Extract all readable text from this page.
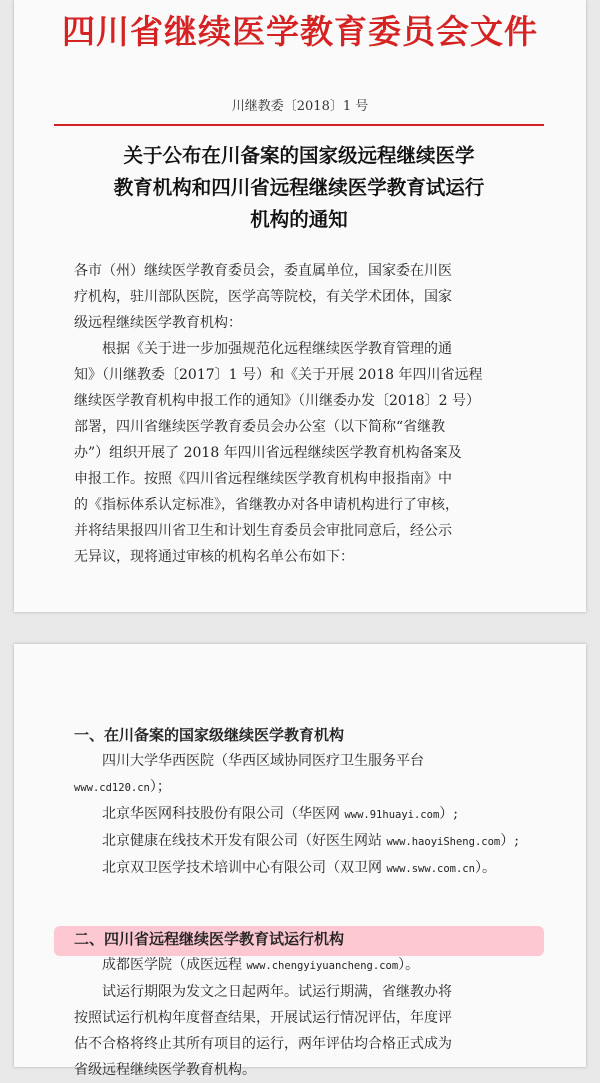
四川省继续医学教育委员会文件
川继教委〔2018〕1 号
关于公布在川备案的国家级远程继续医学
教育机构和四川省远程继续医学教育试运行
机构的通知

各市（州）继续医学教育委员会，委直属单位，国家委在川医

疗机构，驻川部队医院，医学高等院校，有关学术团体，国家

级远程继续医学教育机构：

根据《关于进一步加强规范化远程继续医学教育管理的通

知》（川继教委〔2017〕1 号）和《关于开展 2018 年四川省远程

继续医学教育机构申报工作的通知》（川继委办发〔2018〕2 号）

部署，四川省继续医学教育委员会办公室（以下简称“省继教

办”）组织开展了 2018 年四川省远程继续医学教育机构备案及

申报工作。按照《四川省远程继续医学教育机构申报指南》中

的《指标体系认定标准》，省继教办对各申请机构进行了审核，

并将结果报四川省卫生和计划生育委员会审批同意后，经公示

无异议，现将通过审核的机构名单公布如下：

一、在川备案的国家级继续医学教育机构

四川大学华西医院（华西区域协同医疗卫生服务平台 www.cd120.cn）；

北京华医网科技股份有限公司（华医网 www.91huayi.com）;

北京健康在线技术开发有限公司（好医生网站 www.haoyiSheng.com）;

北京双卫医学技术培训中心有限公司（双卫网 www.sww.com.cn）。

二、四川省远程继续医学教育试运行机构

成都医学院（成医远程 www.chengyiyuancheng.com）。

试运行期限为发文之日起两年。试运行期满，省继教办将

按照试运行机构年度督查结果，开展试运行情况评估，年度评

估不合格将终止其所有项目的运行，两年评估均合格正式成为

省级远程继续医学教育机构。
